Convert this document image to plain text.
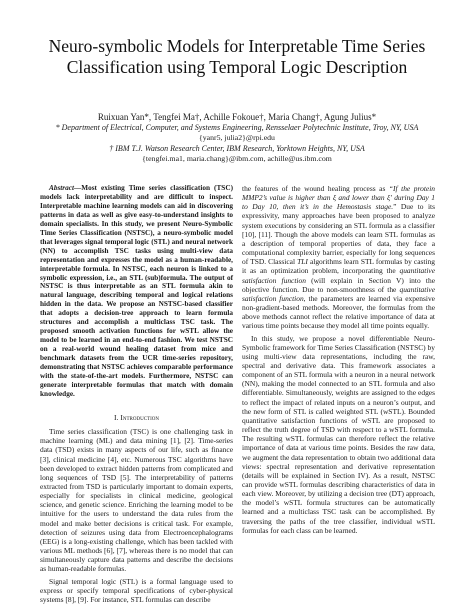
Neuro-symbolic Models for Interpretable Time Series Classification using Temporal Logic Description
Ruixuan Yan*, Tengfei Ma†, Achille Fokoue†, Maria Chang†, Agung Julius*
* Department of Electrical, Computer, and Systems Engineering, Rensselaer Polytechnic Institute, Troy, NY, USA
{yanr5, julia2}@rpi.edu
† IBM T.J. Watson Research Center, IBM Research, Yorktown Heights, NY, USA
{tengfei.ma1, maria.chang}@ibm.com, achille@us.ibm.com

Abstract—Most existing Time series classification (TSC) models lack interpretability and are difficult to inspect. Interpretable machine learning models can aid in discovering patterns in data as well as give easy-to-understand insights to domain specialists. In this study, we present Neuro-Symbolic Time Series Classification (NSTSC), a neuro-symbolic model that leverages signal temporal logic (STL) and neural network (NN) to accomplish TSC tasks using multi-view data representation and expresses the model as a human-readable, interpretable formula. In NSTSC, each neuron is linked to a symbolic expression, i.e., an STL (sub)formula. The output of NSTSC is thus interpretable as an STL formula akin to natural language, describing temporal and logical relations hidden in the data. We propose an NSTSC-based classifier that adopts a decision-tree approach to learn formula structures and accomplish a multiclass TSC task. The proposed smooth activation functions for wSTL allow the model to be learned in an end-to-end fashion. We test NSTSC on a real-world wound healing dataset from mice and benchmark datasets from the UCR time-series repository, demonstrating that NSTSC achieves comparable performance with the state-of-the-art models. Furthermore, NSTSC can generate interpretable formulas that match with domain knowledge.

I. Introduction

Time series classification (TSC) is one challenging task in machine learning (ML) and data mining [1], [2]. Time-series data (TSD) exists in many aspects of our life, such as finance [3], clinical medicine [4], etc. Numerous TSC algorithms have been developed to extract hidden patterns from complicated and long sequences of TSD [5]. The interpretability of patterns extracted from TSD is particularly important to domain experts, especially for specialists in clinical medicine, geological science, and genetic science. Enriching the learning model to be intuitive for the users to understand the data rules from the model and make better decisions is critical task. For example, detection of seizures using data from Electroencephalograms (EEG) is a long-existing challenge, which has been tackled with various ML methods [6], [7], whereas there is no model that can simultaneously capture data patterns and describe the decisions as human-readable formulas.

Signal temporal logic (STL) is a formal language used to express or specify temporal specifications of cyber-physical systems [8], [9]. For instance, STL formulas can describe

the features of the wound healing process as “If the protein MMP2’s value is higher than ξ and lower than ξ′ during Day 1 to Day 10, then it’s in the Hemostasis stage.” Due to its expressivity, many approaches have been proposed to analyze system executions by considering an STL formula as a classifier [10], [11]. Though the above models can learn STL formulas as a description of temporal properties of data, they face a computational complexity barrier, especially for long sequences of TSD. Classical TLI algorithms learn STL formulas by casting it as an optimization problem, incorporating the quantitative satisfaction function (will explain in Section V) into the objective function. Due to non-smoothness of the quantitative satisfaction function, the parameters are learned via expensive non-gradient-based methods. Moreover, the formulas from the above methods cannot reflect the relative importance of data at various time points because they model all time points equally.

In this study, we propose a novel differentiable Neuro-Symbolic framework for Time Series Classification (NSTSC) by using multi-view data representations, including the raw, spectral and derivative data. This framework associates a component of an STL formula with a neuron in a neural network (NN), making the model connected to an STL formula and also differentiable. Simultaneously, weights are assigned to the edges to reflect the impact of related inputs on a neuron’s output, and the new form of STL is called weighted STL (wSTL). Bounded quantitative satisfaction functions of wSTL are proposed to reflect the truth degree of TSD with respect to a wSTL formula. The resulting wSTL formulas can therefore reflect the relative importance of data at various time points. Besides the raw data, we augment the data representation to obtain two additional data views: spectral representation and derivative representation (details will be explained in Section IV). As a result, NSTSC can provide wSTL formulas describing characteristics of data in each view. Moreover, by utilizing a decision tree (DT) approach, the model’s wSTL formula structures can be automatically learned and a multiclass TSC task can be accomplished. By traversing the paths of the tree classifier, individual wSTL formulas for each class can be learned.
